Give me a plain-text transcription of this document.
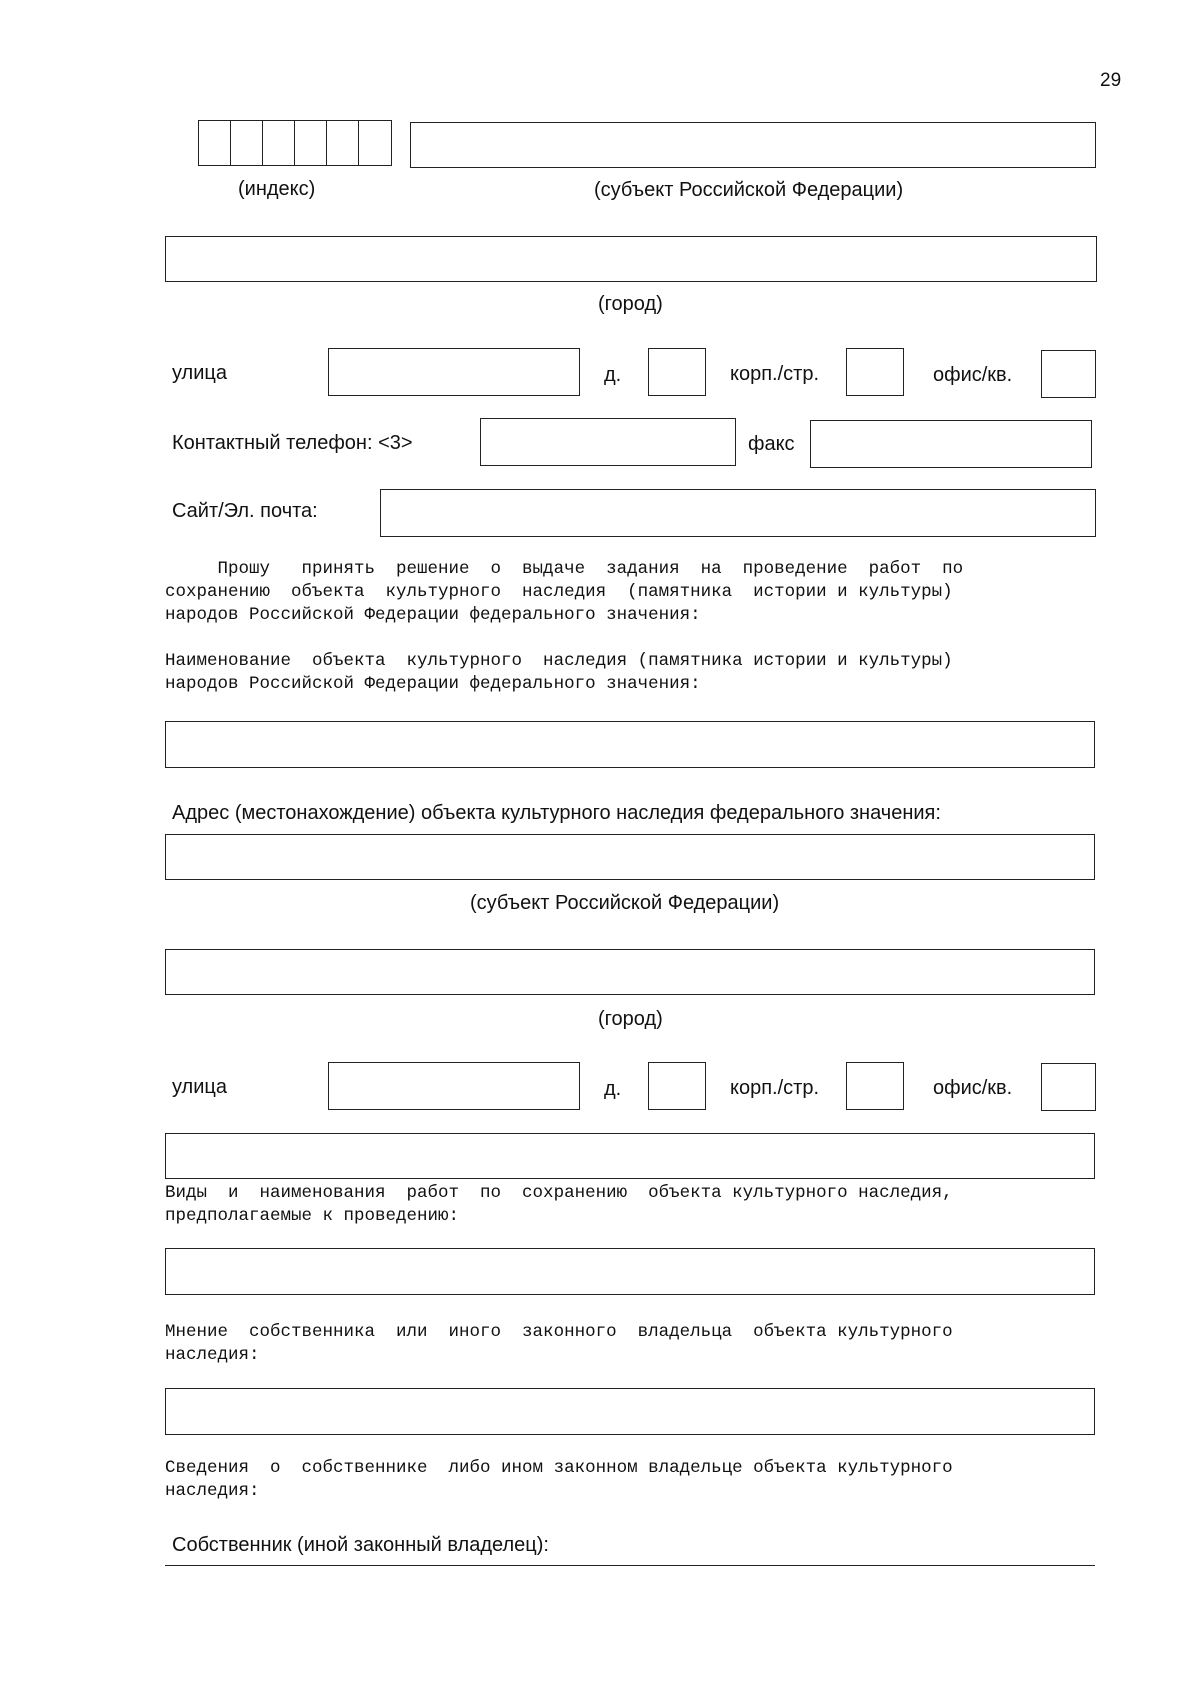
29
(индекс)	(субъект Российской Федерации)
(город)
улица	д.	корп./стр.	офис/кв.
Контактный телефон: <3>	факс
Сайт/Эл. почта:
Прошу   принять  решение  о  выдаче  задания  на  проведение  работ  по
сохранению  объекта  культурного  наследия  (памятника  истории и культуры)
народов Российской Федерации федерального значения:
Наименование  объекта  культурного  наследия (памятника истории и культуры)
народов Российской Федерации федерального значения:
Адрес (местонахождение) объекта культурного наследия федерального значения:
(субъект Российской Федерации)
(город)
улица	д.	корп./стр.	офис/кв.
Виды  и  наименования  работ  по  сохранению  объекта культурного наследия,
предполагаемые к проведению:
Мнение  собственника  или  иного  законного  владельца  объекта культурного
наследия:
Сведения  о  собственнике  либо ином законном владельце объекта культурного
наследия:
Собственник (иной законный владелец):
